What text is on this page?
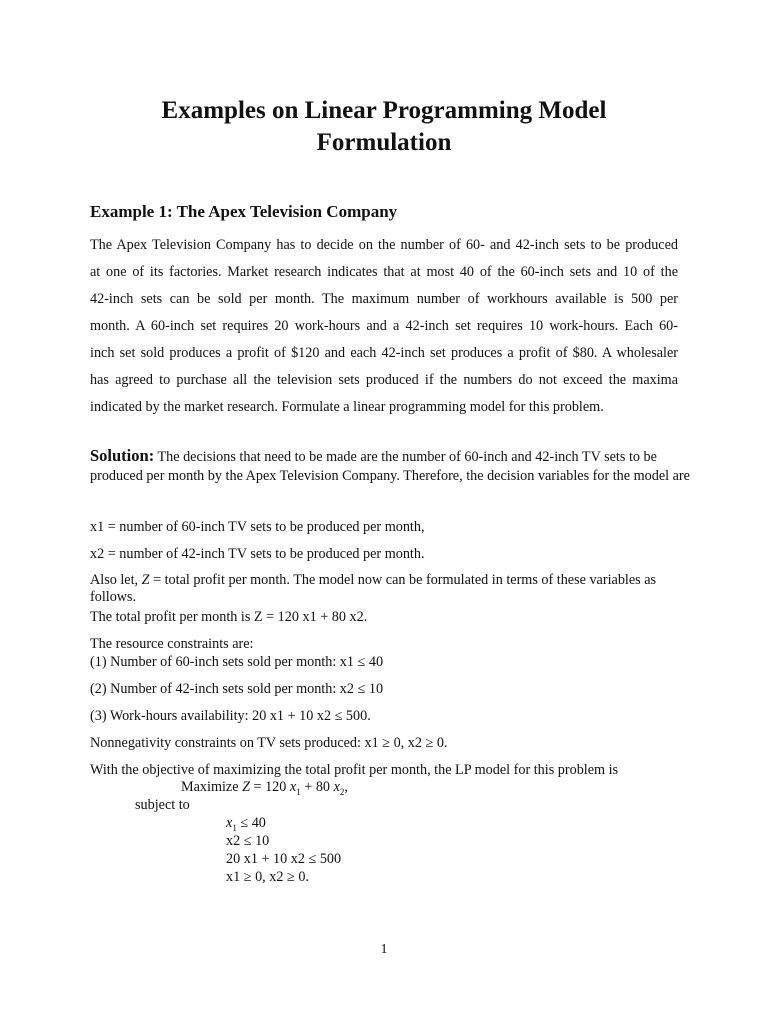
Examples on Linear Programming Model
Formulation
Example 1: The Apex Television Company
The Apex Television Company has to decide on the number of 60- and 42-inch sets to be produced
at one of its factories. Market research indicates that at most 40 of the 60-inch sets and 10 of the
42-inch sets can be sold per month. The maximum number of workhours available is 500 per
month. A 60-inch set requires 20 work-hours and a 42-inch set requires 10 work-hours. Each 60-
inch set sold produces a profit of $120 and each 42-inch set produces a profit of $80. A wholesaler
has agreed to purchase all the television sets produced if the numbers do not exceed the maxima
indicated by the market research. Formulate a linear programming model for this problem.

Solution: The decisions that need to be made are the number of 60-inch and 42-inch TV sets to be produced per month by the Apex Television Company. Therefore, the decision variables for the model are

x1 = number of 60-inch TV sets to be produced per month,

x2 = number of 42-inch TV sets to be produced per month.

Also let, Z = total profit per month. The model now can be formulated in terms of these variables as follows.

The total profit per month is Z = 120 x1 + 80 x2.

The resource constraints are:

(1) Number of 60-inch sets sold per month: x1 ≤ 40

(2) Number of 42-inch sets sold per month: x2 ≤ 10

(3) Work-hours availability: 20 x1 + 10 x2 ≤ 500.

Nonnegativity constraints on TV sets produced: x1 ≥ 0, x2 ≥ 0.

With the objective of maximizing the total profit per month, the LP model for this problem is

Maximize Z = 120 $x_1 + 80$ $x_2$,

subject to

$x_1 \le 40$

x2 ≤ 10

20 x1 + 10 x2 ≤ 500

x1 ≥ 0, x2 ≥ 0.

1
